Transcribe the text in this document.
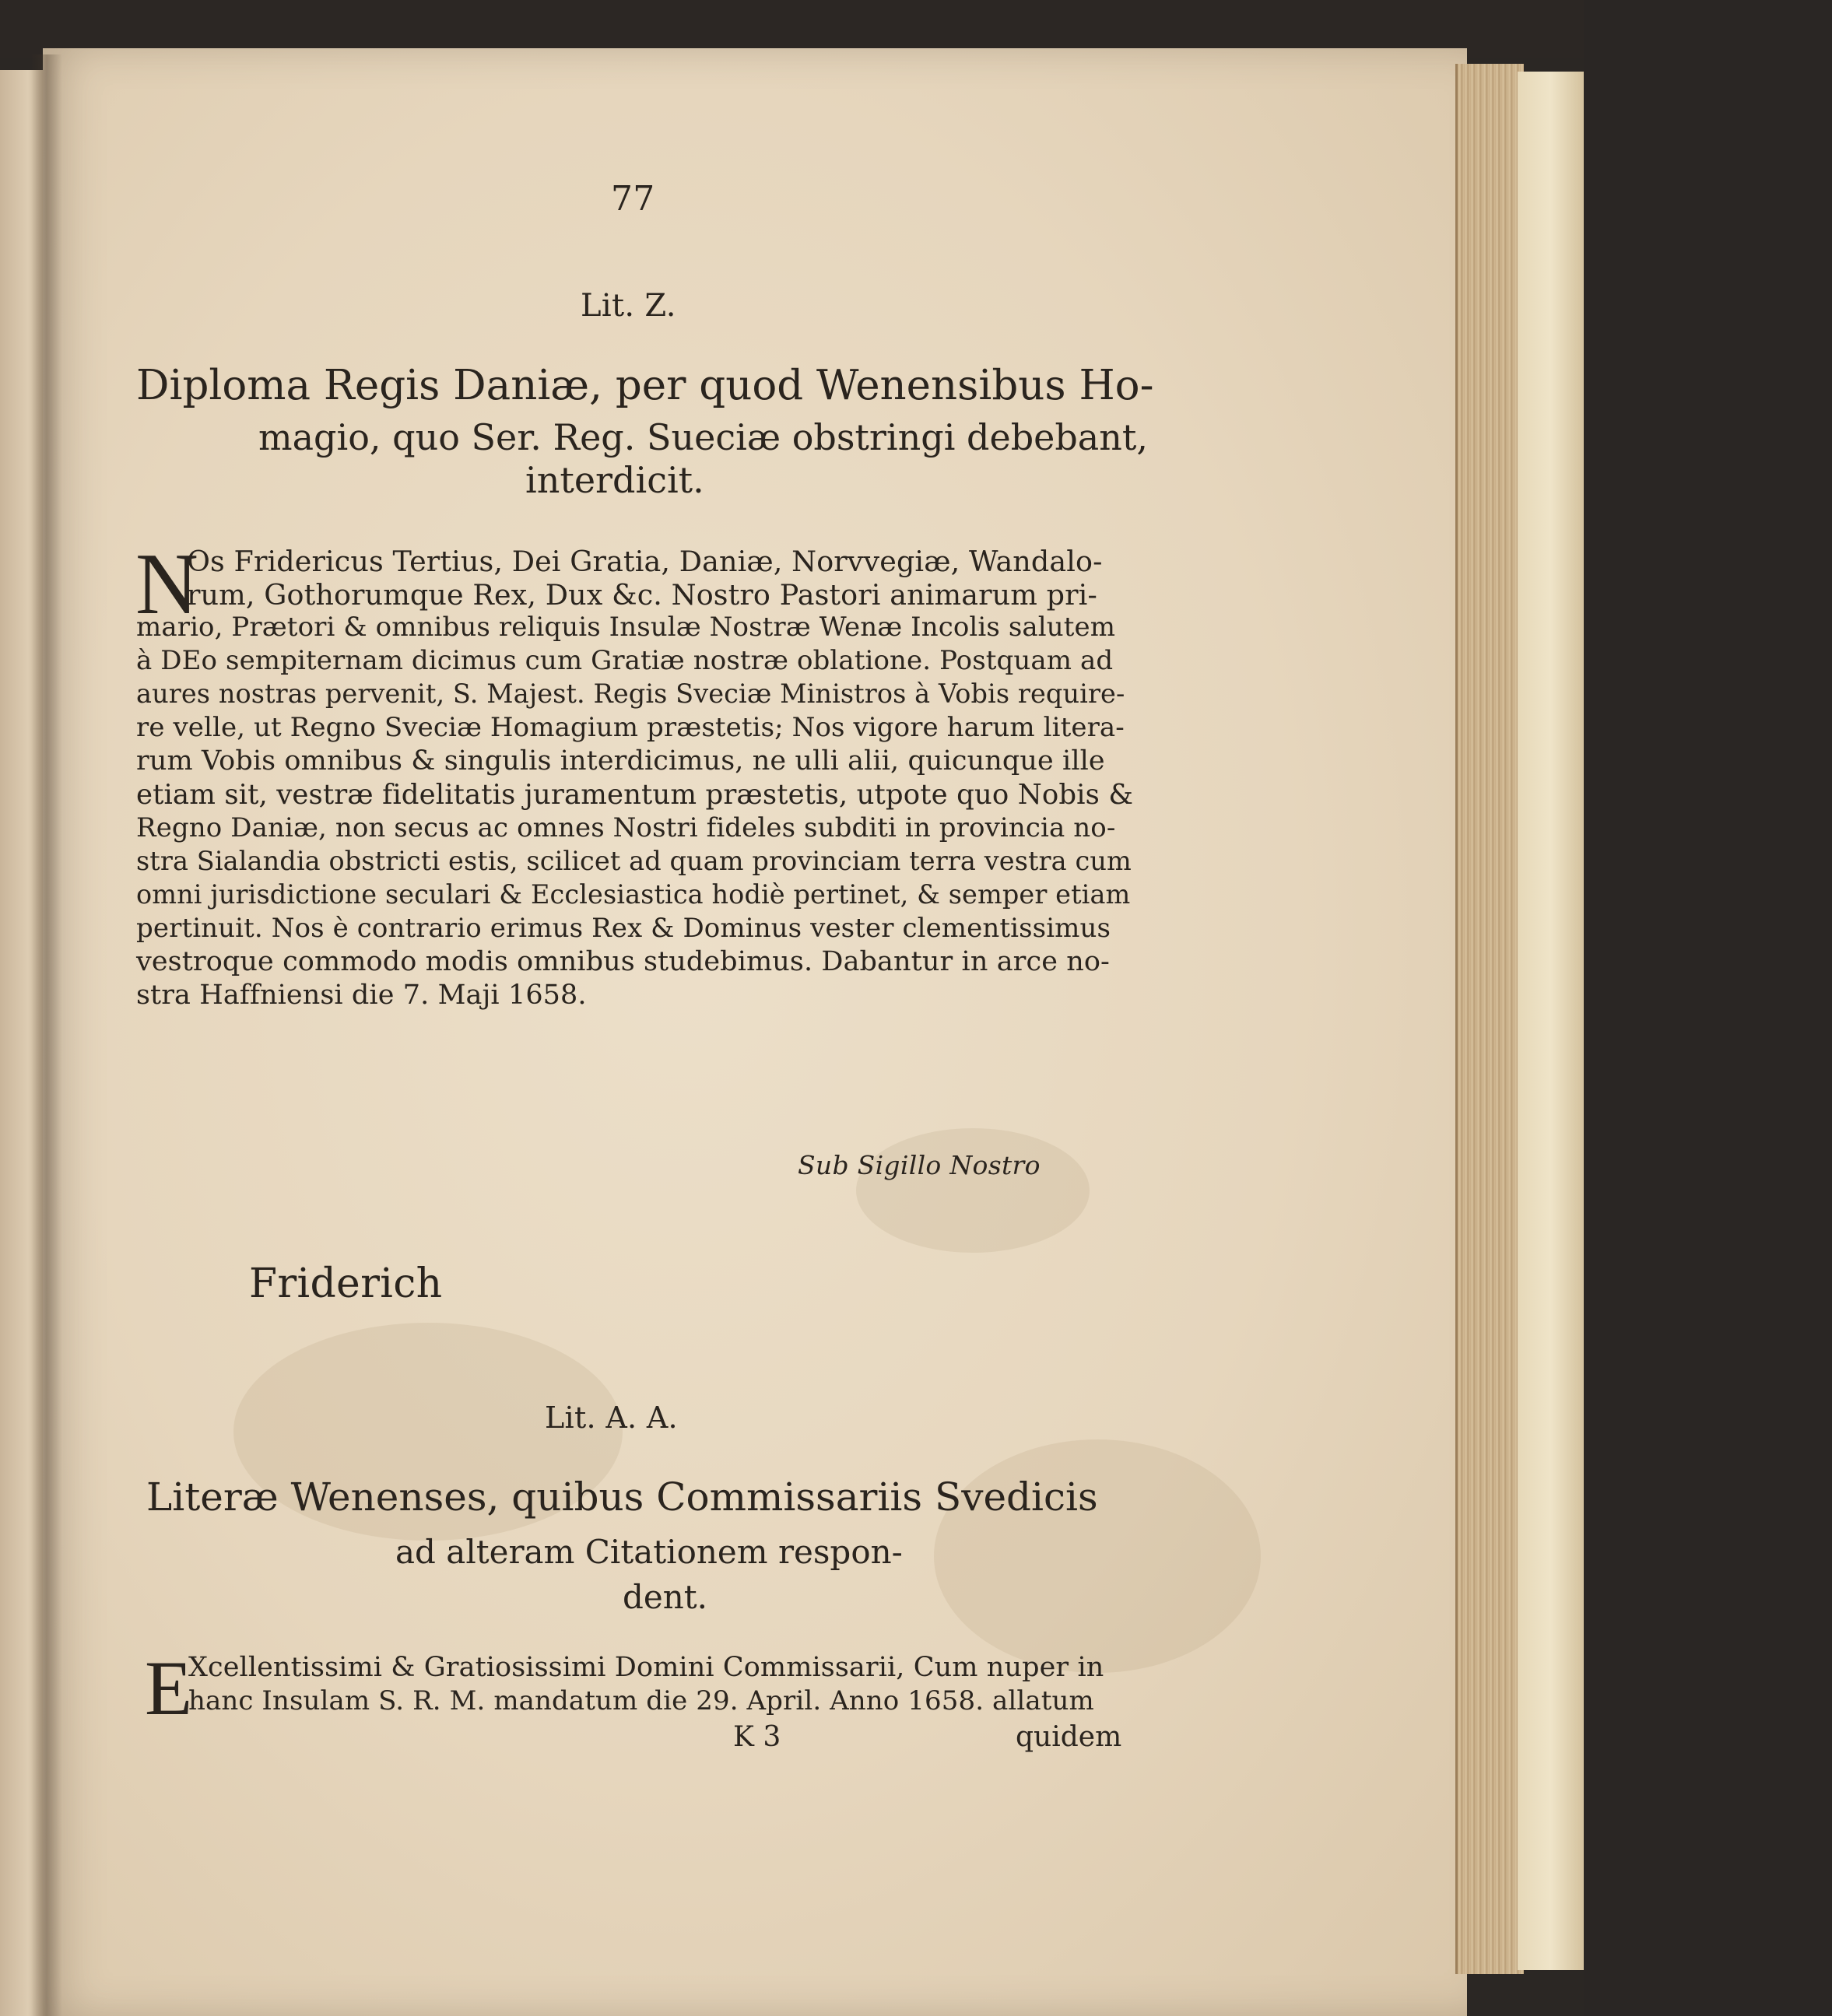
77
Lit. Z.
Diploma Regis Daniæ, per quod Wenensibus Ho-
magio, quo Ser. Reg. Sueciæ obstringi debebant,
interdicit.
N
Os Fridericus Tertius, Dei Gratia, Daniæ, Norvvegiæ, Wandalo-
rum, Gothorumque Rex, Dux &c. Nostro Pastori animarum pri-
mario, Prætori & omnibus reliquis Insulæ Nostræ Wenæ Incolis salutem
à DEo sempiternam dicimus cum Gratiæ nostræ oblatione. Postquam ad
aures nostras pervenit, S. Majest. Regis Sveciæ Ministros à Vobis require-
re velle, ut Regno Sveciæ Homagium præstetis; Nos vigore harum litera-
rum Vobis omnibus & singulis interdicimus, ne ulli alii, quicunque ille
etiam sit, vestræ fidelitatis juramentum præstetis, utpote quo Nobis &
Regno Daniæ, non secus ac omnes Nostri fideles subditi in provincia no-
stra Sialandia obstricti estis, scilicet ad quam provinciam terra vestra cum
omni jurisdictione seculari & Ecclesiastica hodiè pertinet, & semper etiam
pertinuit. Nos è contrario erimus Rex & Dominus vester clementissimus
vestroque commodo modis omnibus studebimus. Dabantur in arce no-
stra Haffniensi die 7. Maji 1658.
Sub Sigillo Nostro
Friderich
Lit. A. A.
Literæ Wenenses, quibus Commissariis Svedicis
ad alteram Citationem respon-
dent.
E
Xcellentissimi & Gratiosissimi Domini Commissarii, Cum nuper in
hanc Insulam S. R. M. mandatum die 29. April. Anno 1658. allatum
K 3	quidem
